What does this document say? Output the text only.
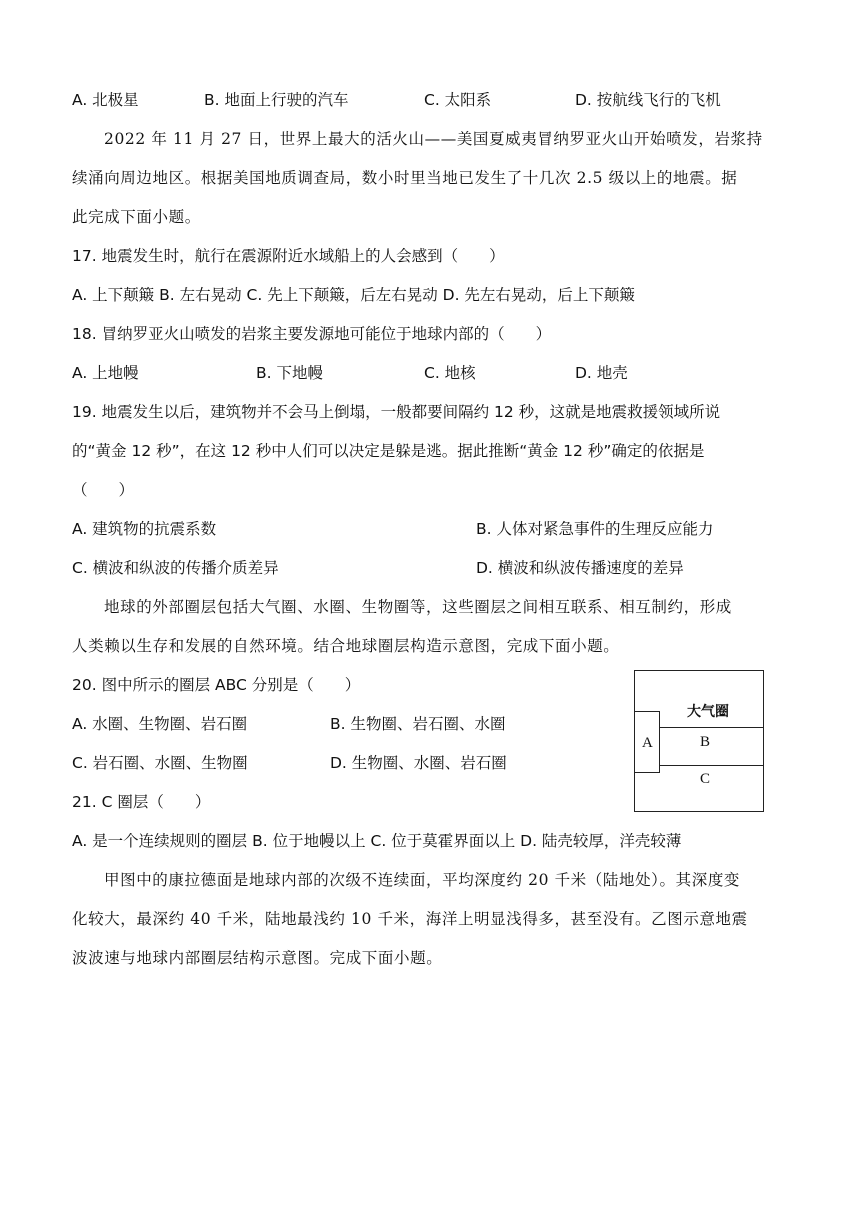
A. 北极星	B. 地面上行驶的汽车	C. 太阳系	D. 按航线飞行的飞机
2022 年 11 月 27 日，世界上最大的活火山——美国夏威夷冒纳罗亚火山开始喷发，岩浆持
续涌向周边地区。根据美国地质调查局，数小时里当地已发生了十几次 2.5 级以上的地震。据
此完成下面小题。
17. 地震发生时，航行在震源附近水域船上的人会感到（　　）
A. 上下颠簸 B. 左右晃动 C. 先上下颠簸，后左右晃动 D. 先左右晃动，后上下颠簸
18. 冒纳罗亚火山喷发的岩浆主要发源地可能位于地球内部的（　　）
A. 上地幔	B. 下地幔	C. 地核	D. 地壳
19. 地震发生以后，建筑物并不会马上倒塌，一般都要间隔约 12 秒，这就是地震救援领域所说
的“黄金 12 秒”，在这 12 秒中人们可以决定是躲是逃。据此推断“黄金 12 秒”确定的依据是
（　　）
A. 建筑物的抗震系数	B. 人体对紧急事件的生理反应能力
C. 横波和纵波的传播介质差异	D. 横波和纵波传播速度的差异
地球的外部圈层包括大气圈、水圈、生物圈等，这些圈层之间相互联系、相互制约，形成
人类赖以生存和发展的自然环境。结合地球圈层构造示意图，完成下面小题。
20. 图中所示的圈层 ABC 分别是（　　）
A. 水圈、生物圈、岩石圈	B. 生物圈、岩石圈、水圈
C. 岩石圈、水圈、生物圈	D. 生物圈、水圈、岩石圈
大气圈
A	B
C
21. C 圈层（　　）
A. 是一个连续规则的圈层 B. 位于地幔以上 C. 位于莫霍界面以上 D. 陆壳较厚，洋壳较薄
甲图中的康拉德面是地球内部的次级不连续面，平均深度约 20 千米（陆地处）。其深度变
化较大，最深约 40 千米，陆地最浅约 10 千米，海洋上明显浅得多，甚至没有。乙图示意地震
波波速与地球内部圈层结构示意图。完成下面小题。
